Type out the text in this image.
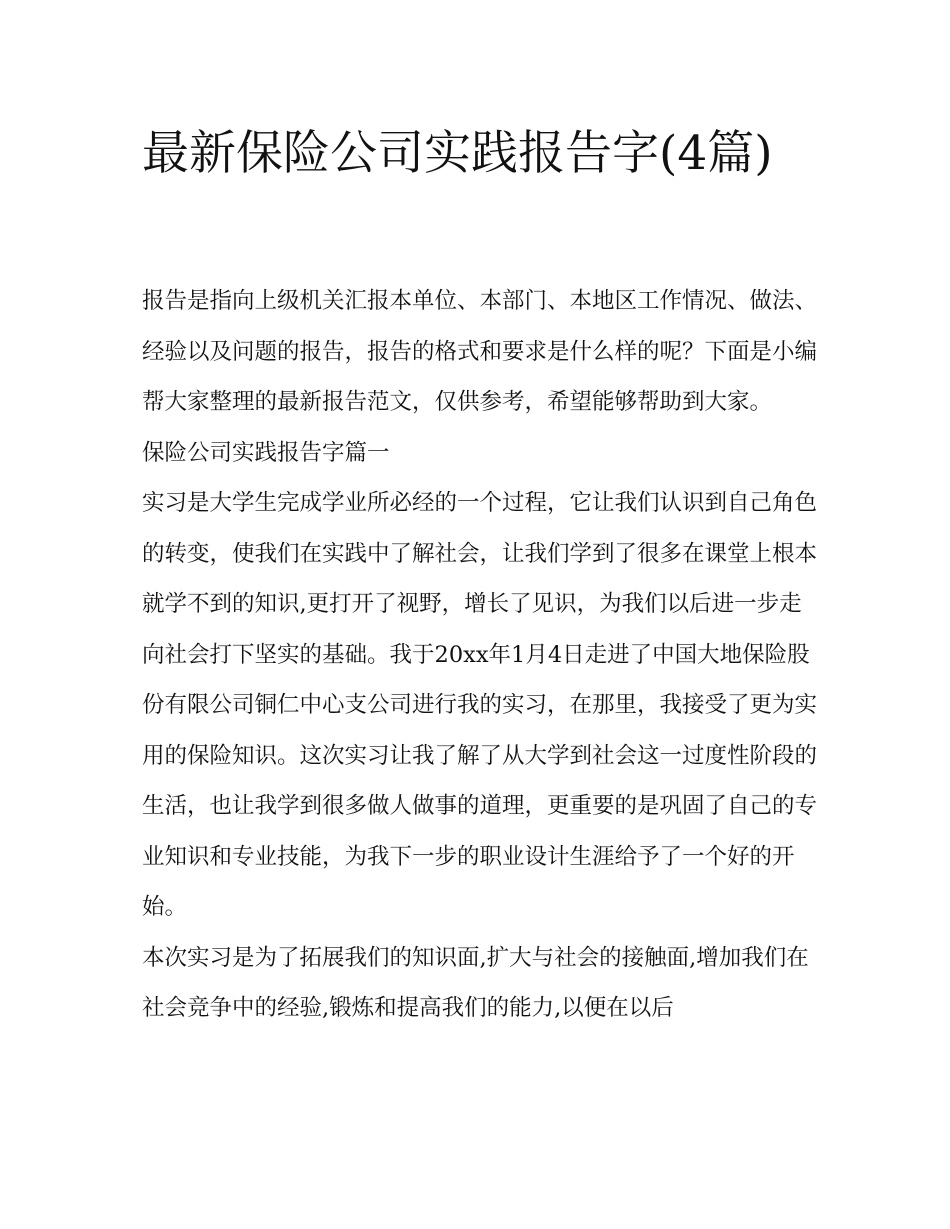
最新保险公司实践报告字(4篇)

报告是指向上级机关汇报本单位、本部门、本地区工作情况、做法、经验以及问题的报告，报告的格式和要求是什么样的呢？下面是小编帮大家整理的最新报告范文，仅供参考，希望能够帮助到大家。

保险公司实践报告字篇一

实习是大学生完成学业所必经的一个过程，它让我们认识到自己角色的转变，使我们在实践中了解社会，让我们学到了很多在课堂上根本就学不到的知识,更打开了视野，增长了见识，为我们以后进一步走向社会打下坚实的基础。我于20xx年1月4日走进了中国大地保险股份有限公司铜仁中心支公司进行我的实习，在那里，我接受了更为实用的保险知识。这次实习让我了解了从大学到社会这一过度性阶段的生活，也让我学到很多做人做事的道理，更重要的是巩固了自己的专业知识和专业技能，为我下一步的职业设计生涯给予了一个好的开始。

本次实习是为了拓展我们的知识面,扩大与社会的接触面,增加我们在社会竞争中的经验,锻炼和提高我们的能力,以便在以后
